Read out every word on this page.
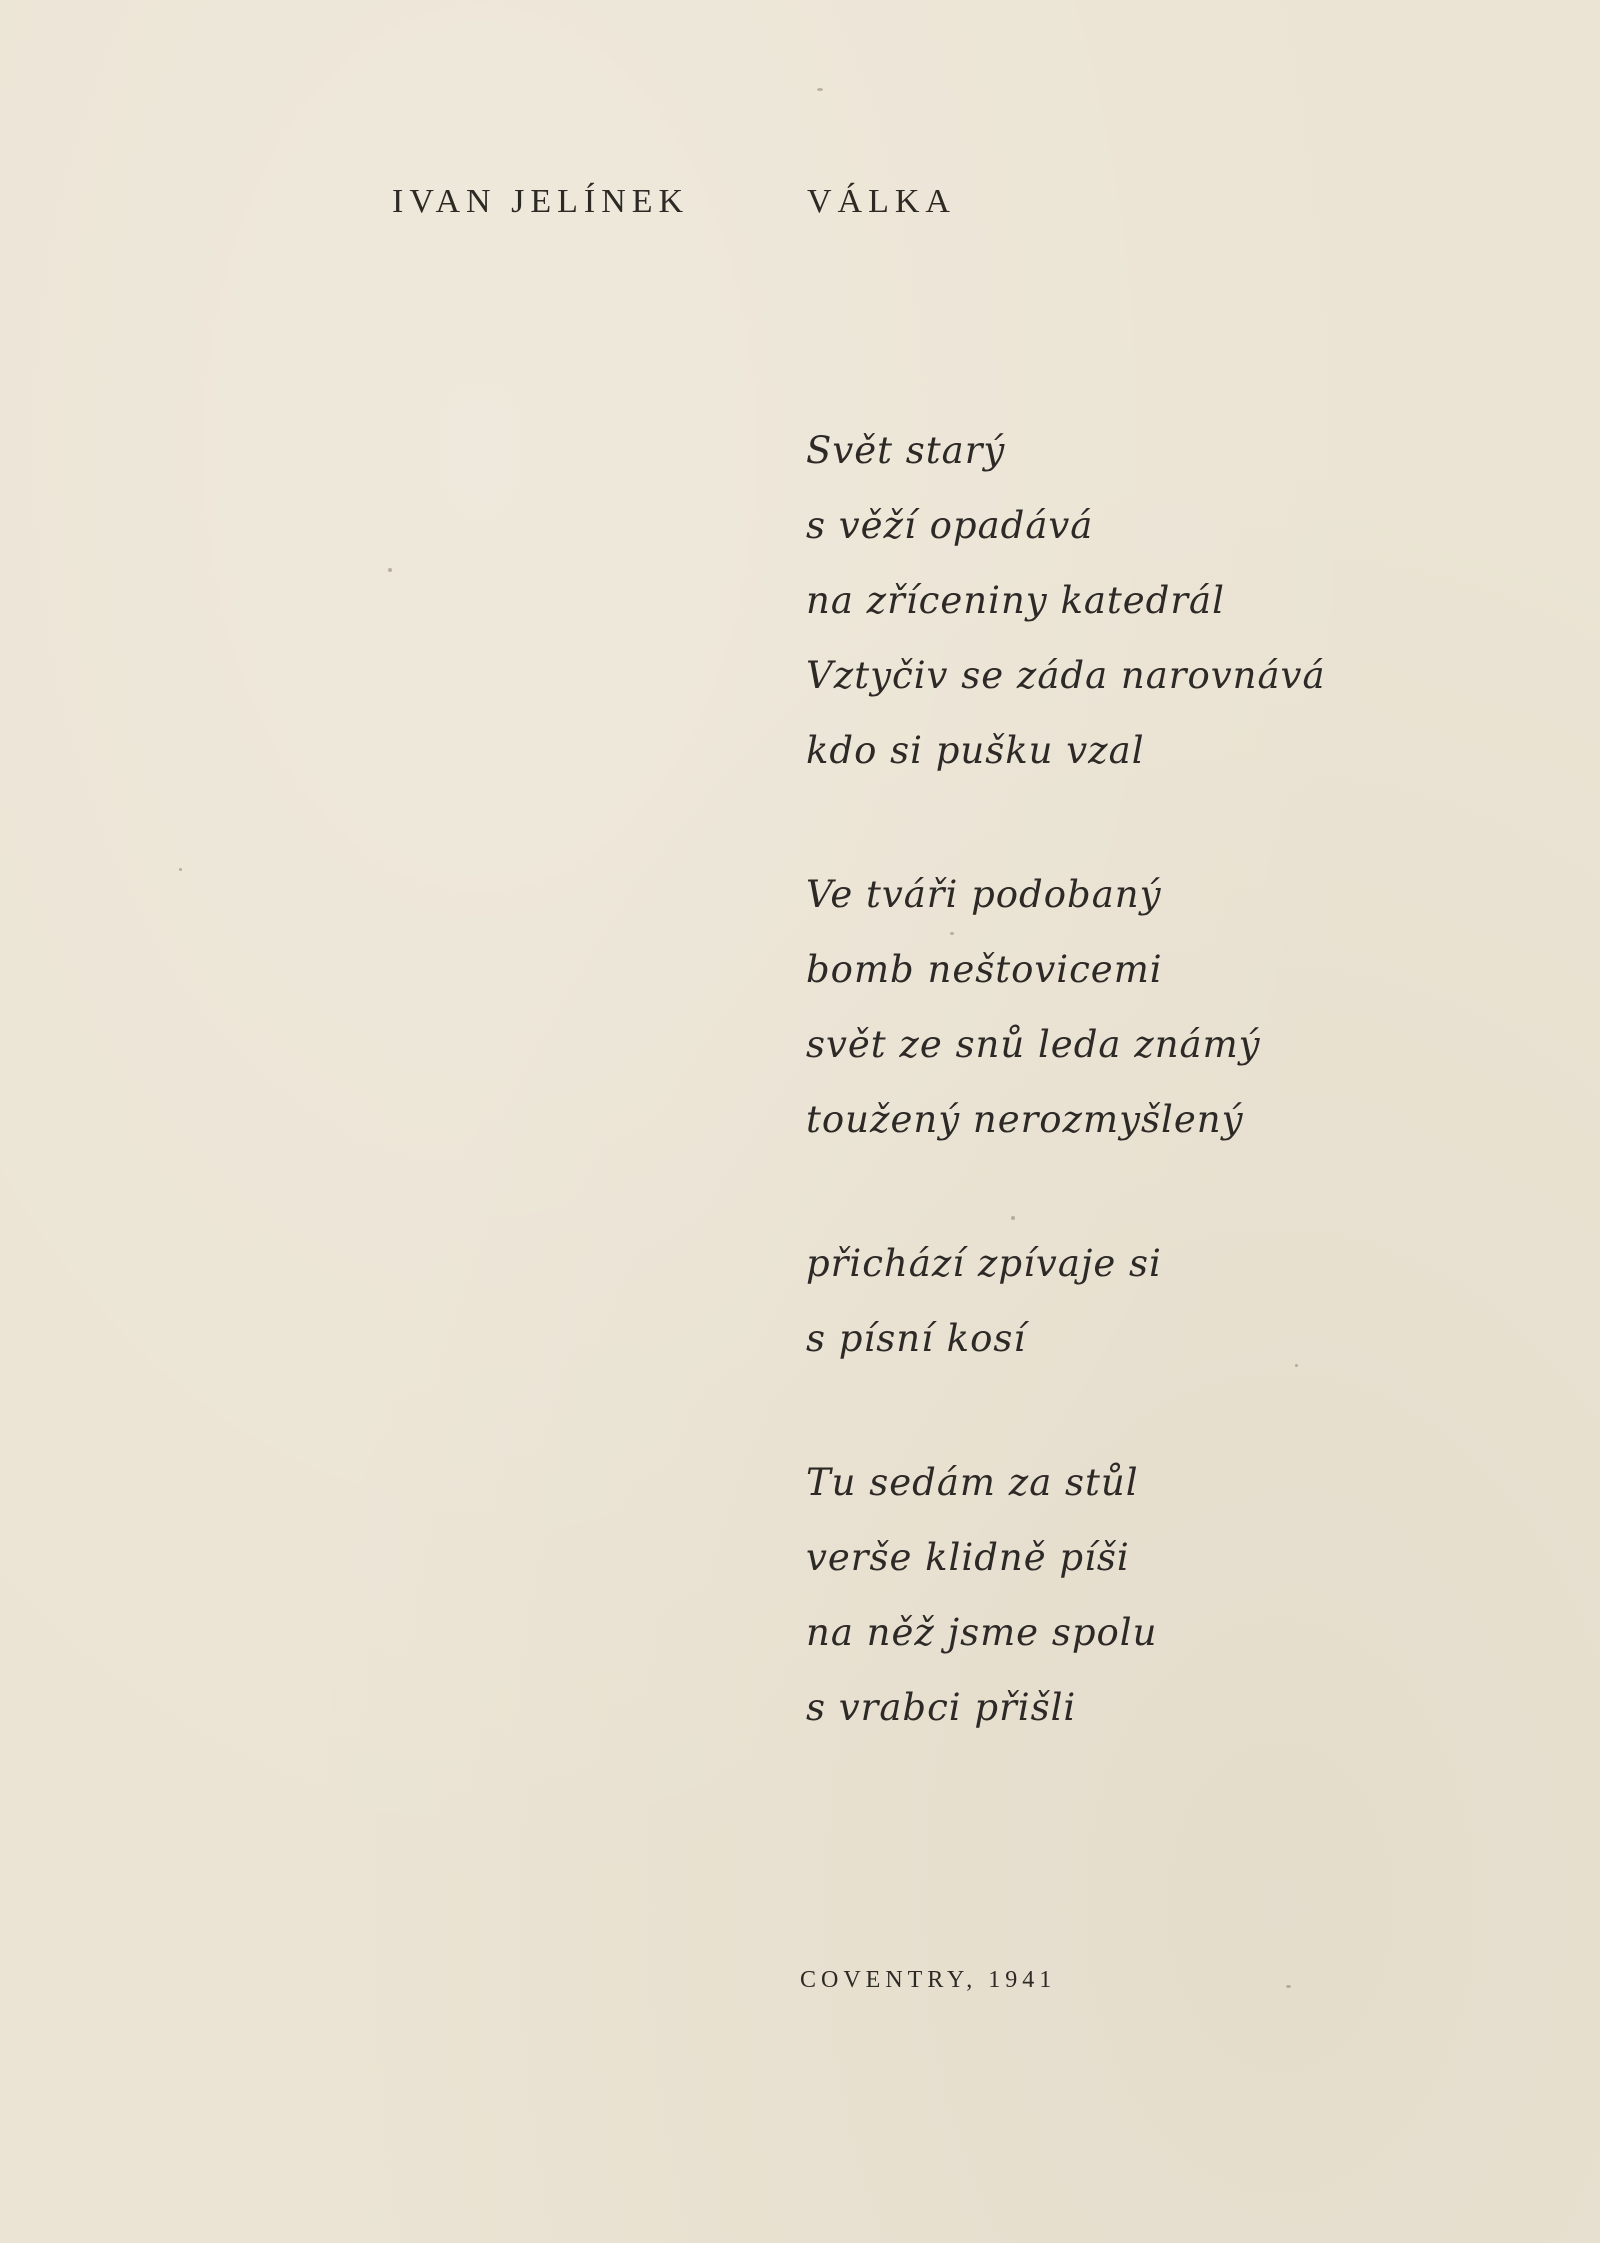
IVAN JELÍNEK	VÁLKA
Svět starý
s věží opadává
na zříceniny katedrál
Vztyčiv se záda narovnává
kdo si pušku vzal
Ve tváři podobaný
bomb neštovicemi
svět ze snů leda známý
toužený nerozmyšlený
přichází zpívaje si
s písní kosí
Tu sedám za stůl
verše klidně píši
na něž jsme spolu
s vrabci přišli
COVENTRY, 1941
